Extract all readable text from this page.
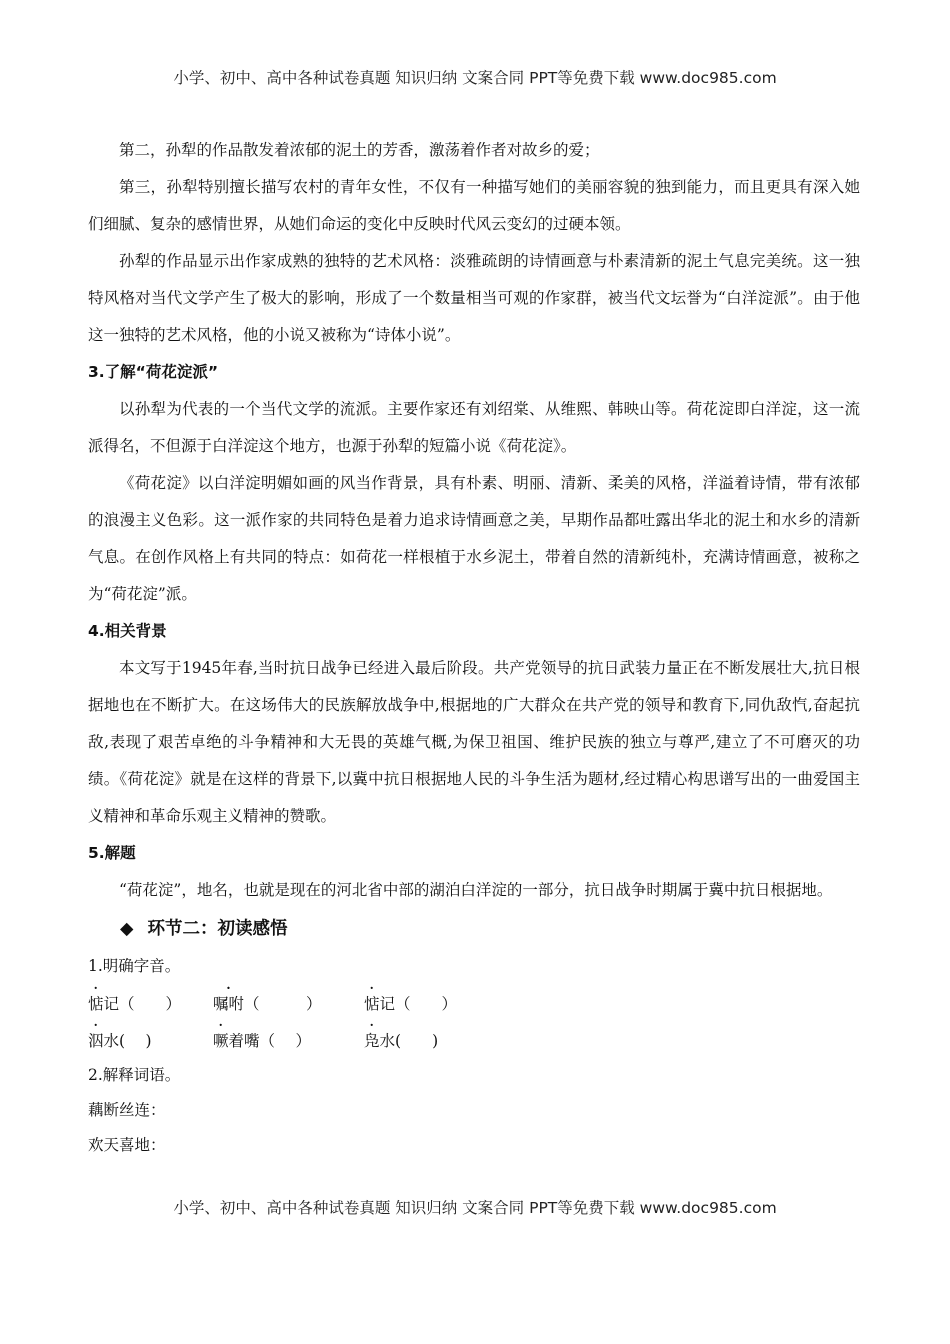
小学、初中、高中各种试卷真题 知识归纳 文案合同 PPT等免费下载 www.doc985.com

第二，孙犁的作品散发着浓郁的泥土的芳香，激荡着作者对故乡的爱；

第三，孙犁特别擅长描写农村的青年女性，不仅有一种描写她们的美丽容貌的独到能力，而且更具有深入她们细腻、复杂的感情世界，从她们命运的变化中反映时代风云变幻的过硬本领。

孙犁的作品显示出作家成熟的独特的艺术风格：淡雅疏朗的诗情画意与朴素清新的泥土气息完美统。这一独特风格对当代文学产生了极大的影响，形成了一个数量相当可观的作家群，被当代文坛誉为“白洋淀派”。由于他这一独特的艺术风格，他的小说又被称为“诗体小说”。

3.了解“荷花淀派”

以孙犁为代表的一个当代文学的流派。主要作家还有刘绍棠、从维熙、韩映山等。荷花淀即白洋淀，这一流派得名，不但源于白洋淀这个地方，也源于孙犁的短篇小说《荷花淀》。

《荷花淀》以白洋淀明媚如画的风当作背景，具有朴素、明丽、清新、柔美的风格，洋溢着诗情，带有浓郁的浪漫主义色彩。这一派作家的共同特色是着力追求诗情画意之美，早期作品都吐露出华北的泥土和水乡的清新气息。在创作风格上有共同的特点：如荷花一样根植于水乡泥土，带着自然的清新纯朴，充满诗情画意，被称之为“荷花淀”派。

4.相关背景

本文写于1945年春,当时抗日战争已经进入最后阶段。共产党领导的抗日武装力量正在不断发展壮大,抗日根据地也在不断扩大。在这场伟大的民族解放战争中,根据地的广大群众在共产党的领导和教育下,同仇敌忾,奋起抗敌,表现了艰苦卓绝的斗争精神和大无畏的英雄气概,为保卫祖国、维护民族的独立与尊严,建立了不可磨灭的功绩。《荷花淀》就是在这样的背景下,以冀中抗日根据地人民的斗争生活为题材,经过精心构思谱写出的一曲爱国主义精神和革命乐观主义精神的赞歌。

5.解题

“荷花淀”，地名，也就是现在的河北省中部的湖泊白洋淀的一部分，抗日战争时期属于冀中抗日根据地。

◆ 环节二：初读感悟

1.明确字音。

惦记（　　） 嘱咐（　　　）	惦记（　　）
泅水(　 )	噘着嘴（　 ）	凫水(　　)

2.解释词语。

藕断丝连：

欢天喜地：

小学、初中、高中各种试卷真题 知识归纳 文案合同 PPT等免费下载 www.doc985.com
